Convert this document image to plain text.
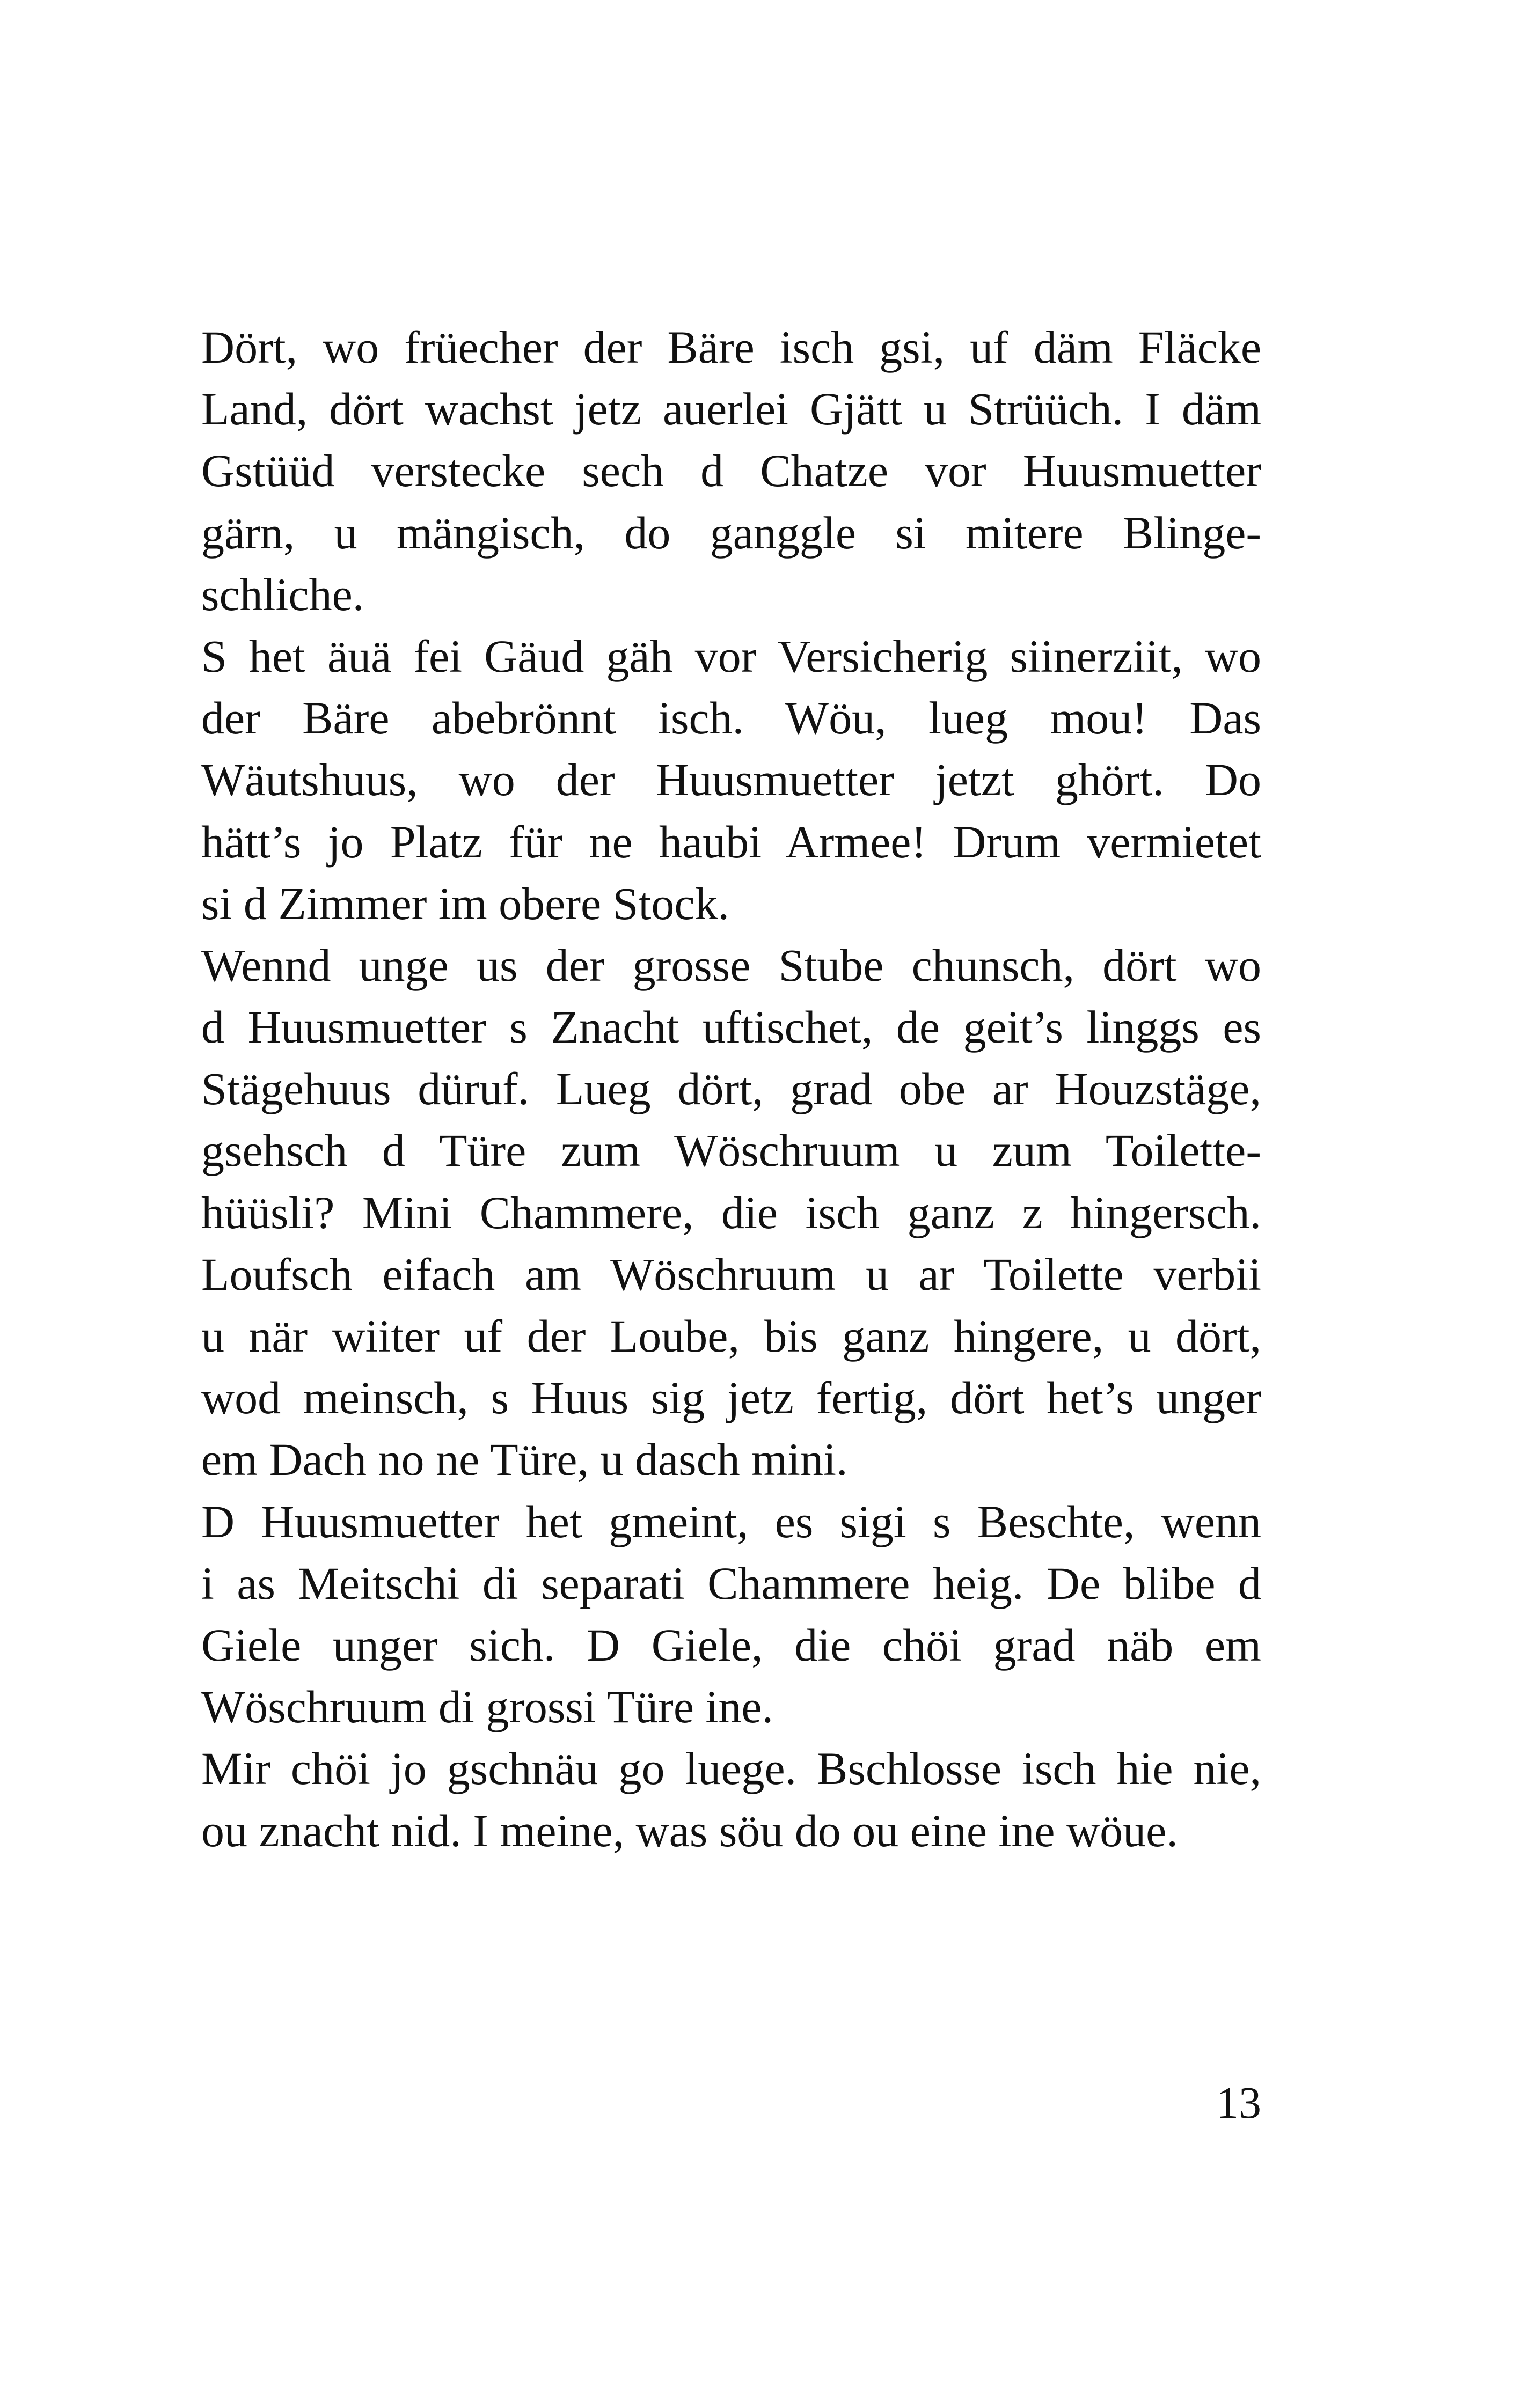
Dört, wo früecher der Bäre isch gsi, uf däm Fläcke
Land, dört wachst jetz auerlei Gjätt u Strüüch. I däm
Gstüüd verstecke sech d Chatze vor Huusmuetter
gärn, u mängisch, do ganggle si mitere Blinge-
schliche.
S het äuä fei Gäud gäh vor Versicherig siinerziit, wo
der Bäre abebrönnt isch. Wöu, lueg mou! Das
Wäutshuus, wo der Huusmuetter jetzt ghört. Do
hätt’s jo Platz für ne haubi Armee! Drum vermietet
si d Zimmer im obere Stock.
Wennd unge us der grosse Stube chunsch, dört wo
d Huusmuetter s Znacht uftischet, de geit’s linggs es
Stägehuus düruf. Lueg dört, grad obe ar Houzstäge,
gsehsch d Türe zum Wöschruum u zum Toilette-
hüüsli? Mini Chammere, die isch ganz z hingersch.
Loufsch eifach am Wöschruum u ar Toilette verbii
u när wiiter uf der Loube, bis ganz hingere, u dört,
wod meinsch, s Huus sig jetz fertig, dört het’s unger
em Dach no ne Türe, u dasch mini.
D Huusmuetter het gmeint, es sigi s Beschte, wenn
i as Meitschi di separati Chammere heig. De blibe d
Giele unger sich. D Giele, die chöi grad näb em
Wöschruum di grossi Türe ine.
Mir chöi jo gschnäu go luege. Bschlosse isch hie nie,
ou znacht nid. I meine, was söu do ou eine ine wöue.
13
